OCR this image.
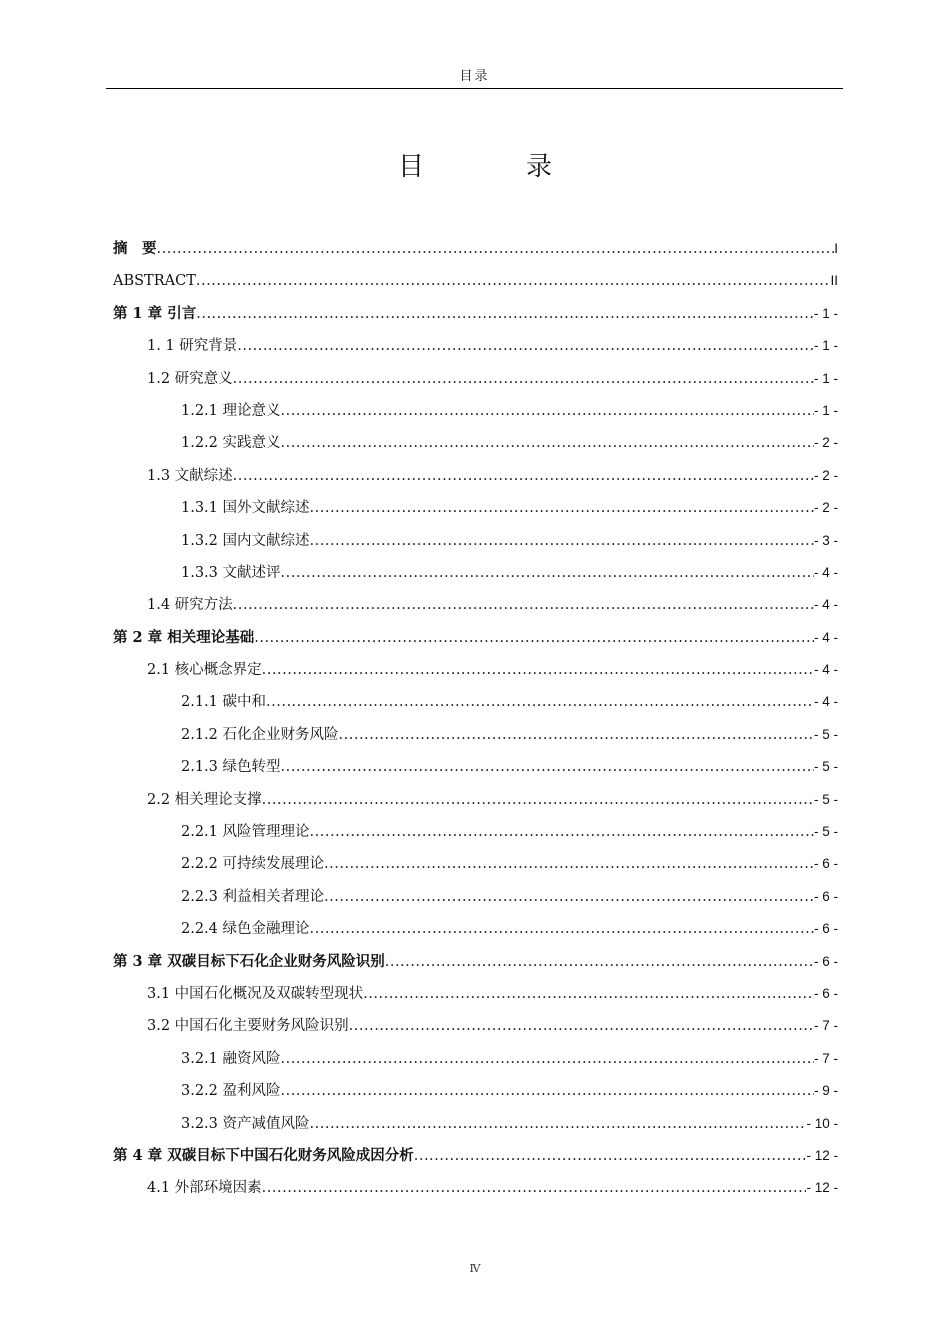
目录
目　录
摘　要 .....	I
ABSTRACT .....	II
第 1 章 引言 .....	- 1 -
1. 1 研究背景 .....	- 1 -
1.2 研究意义 .....	- 1 -
1.2.1 理论意义 .....	- 1 -
1.2.2 实践意义 .....	- 2 -
1.3 文献综述 .....	- 2 -
1.3.1 国外文献综述 .....	- 2 -
1.3.2 国内文献综述 .....	- 3 -
1.3.3 文献述评 .....	- 4 -
1.4 研究方法 .....	- 4 -
第 2 章 相关理论基础 .....	- 4 -
2.1 核心概念界定 .....	- 4 -
2.1.1 碳中和 .....	- 4 -
2.1.2 石化企业财务风险 .....	- 5 -
2.1.3 绿色转型 .....	- 5 -
2.2 相关理论支撑 .....	- 5 -
2.2.1 风险管理理论 .....	- 5 -
2.2.2 可持续发展理论 .....	- 6 -
2.2.3 利益相关者理论 .....	- 6 -
2.2.4 绿色金融理论 .....	- 6 -
第 3 章 双碳目标下石化企业财务风险识别 .....	- 6 -
3.1 中国石化概况及双碳转型现状 .....	- 6 -
3.2 中国石化主要财务风险识别 .....	- 7 -
3.2.1 融资风险 .....	- 7 -
3.2.2 盈利风险 .....	- 9 -
3.2.3 资产减值风险 .....	- 10 -
第 4 章 双碳目标下中国石化财务风险成因分析 .....	- 12 -
4.1 外部环境因素 .....	- 12 -
Ⅳ
